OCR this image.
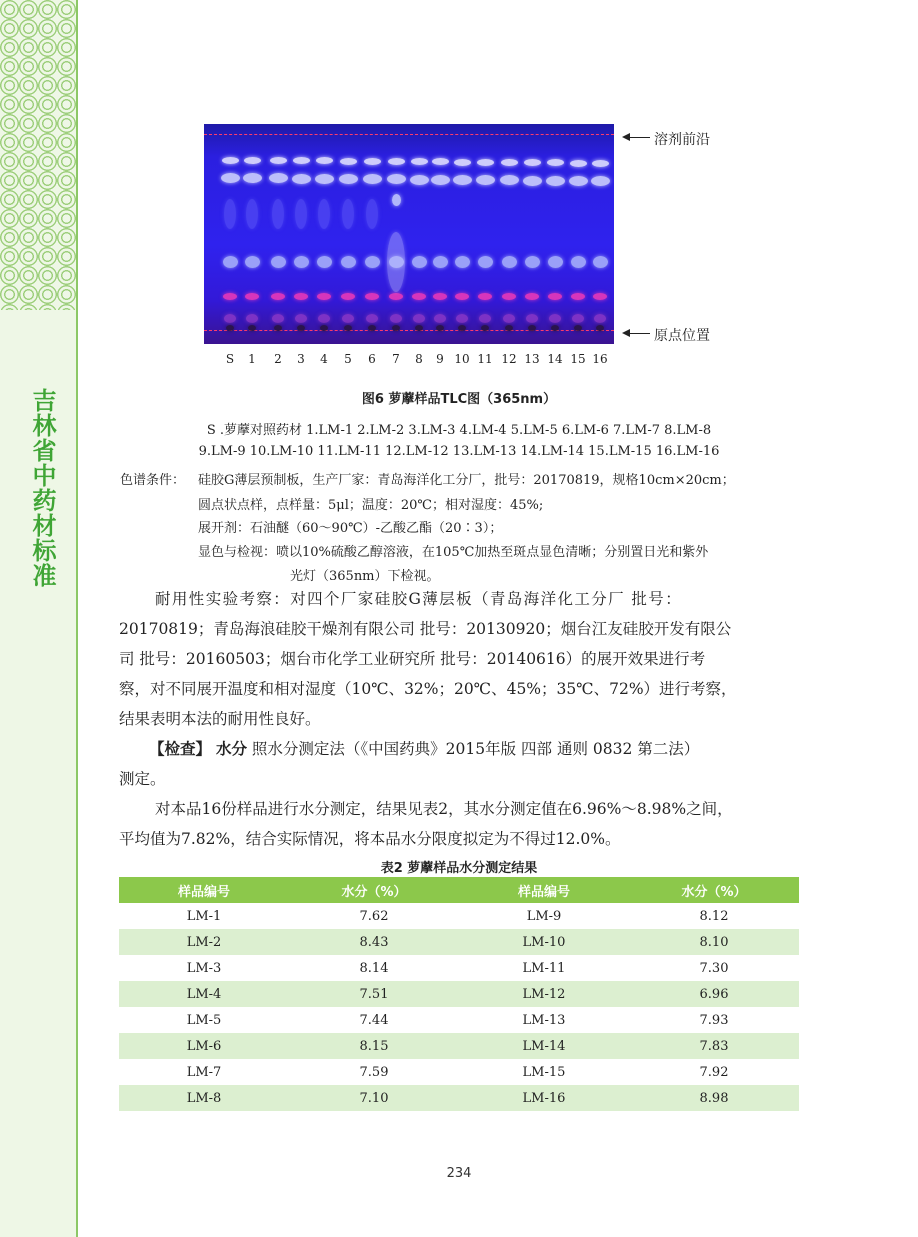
吉林省中药材标准
溶剂前沿
原点位置
S 1 2 3 4 5 6 7 8 9 10 11 12 13 14 15 16
图6 萝藦样品TLC图（365nm）
S .萝藦对照药材 1.LM-1 2.LM-2 3.LM-3 4.LM-4 5.LM-5 6.LM-6 7.LM-7 8.LM-8
9.LM-9 10.LM-10 11.LM-11 12.LM-12 13.LM-13 14.LM-14 15.LM-15 16.LM-16
色谱条件： 硅胶G薄层预制板，生产厂家：青岛海洋化工分厂，批号：20170819，规格10cm×20cm；
圆点状点样，点样量：5μl；温度：20℃；相对湿度：45%;
展开剂：石油醚（60～90℃）-乙酸乙酯（20∶3）；
显色与检视：喷以10%硫酸乙醇溶液，在105℃加热至斑点显色清晰；分别置日光和紫外
光灯（365nm）下检视。
耐用性实验考察：对四个厂家硅胶G薄层板（青岛海洋化工分厂 批号：
20170819；青岛海浪硅胶干燥剂有限公司 批号：20130920；烟台江友硅胶开发有限公
司 批号：20160503；烟台市化学工业研究所 批号：20140616）的展开效果进行考
察，对不同展开温度和相对湿度（10℃、32%；20℃、45%；35℃、72%）进行考察，
结果表明本法的耐用性良好。
【检查】 水分 照水分测定法（《中国药典》2015年版 四部 通则 0832 第二法）
测定。
对本品16份样品进行水分测定，结果见表2，其水分测定值在6.96%～8.98%之间，
平均值为7.82%，结合实际情况，将本品水分限度拟定为不得过12.0%。
表2 萝藦样品水分测定结果
样品编号	水分（%）	样品编号	水分（%）
LM-1	7.62	LM-9	8.12
LM-2	8.43	LM-10	8.10
LM-3	8.14	LM-11	7.30
LM-4	7.51	LM-12	6.96
LM-5	7.44	LM-13	7.93
LM-6	8.15	LM-14	7.83
LM-7	7.59	LM-15	7.92
LM-8	7.10	LM-16	8.98
234
